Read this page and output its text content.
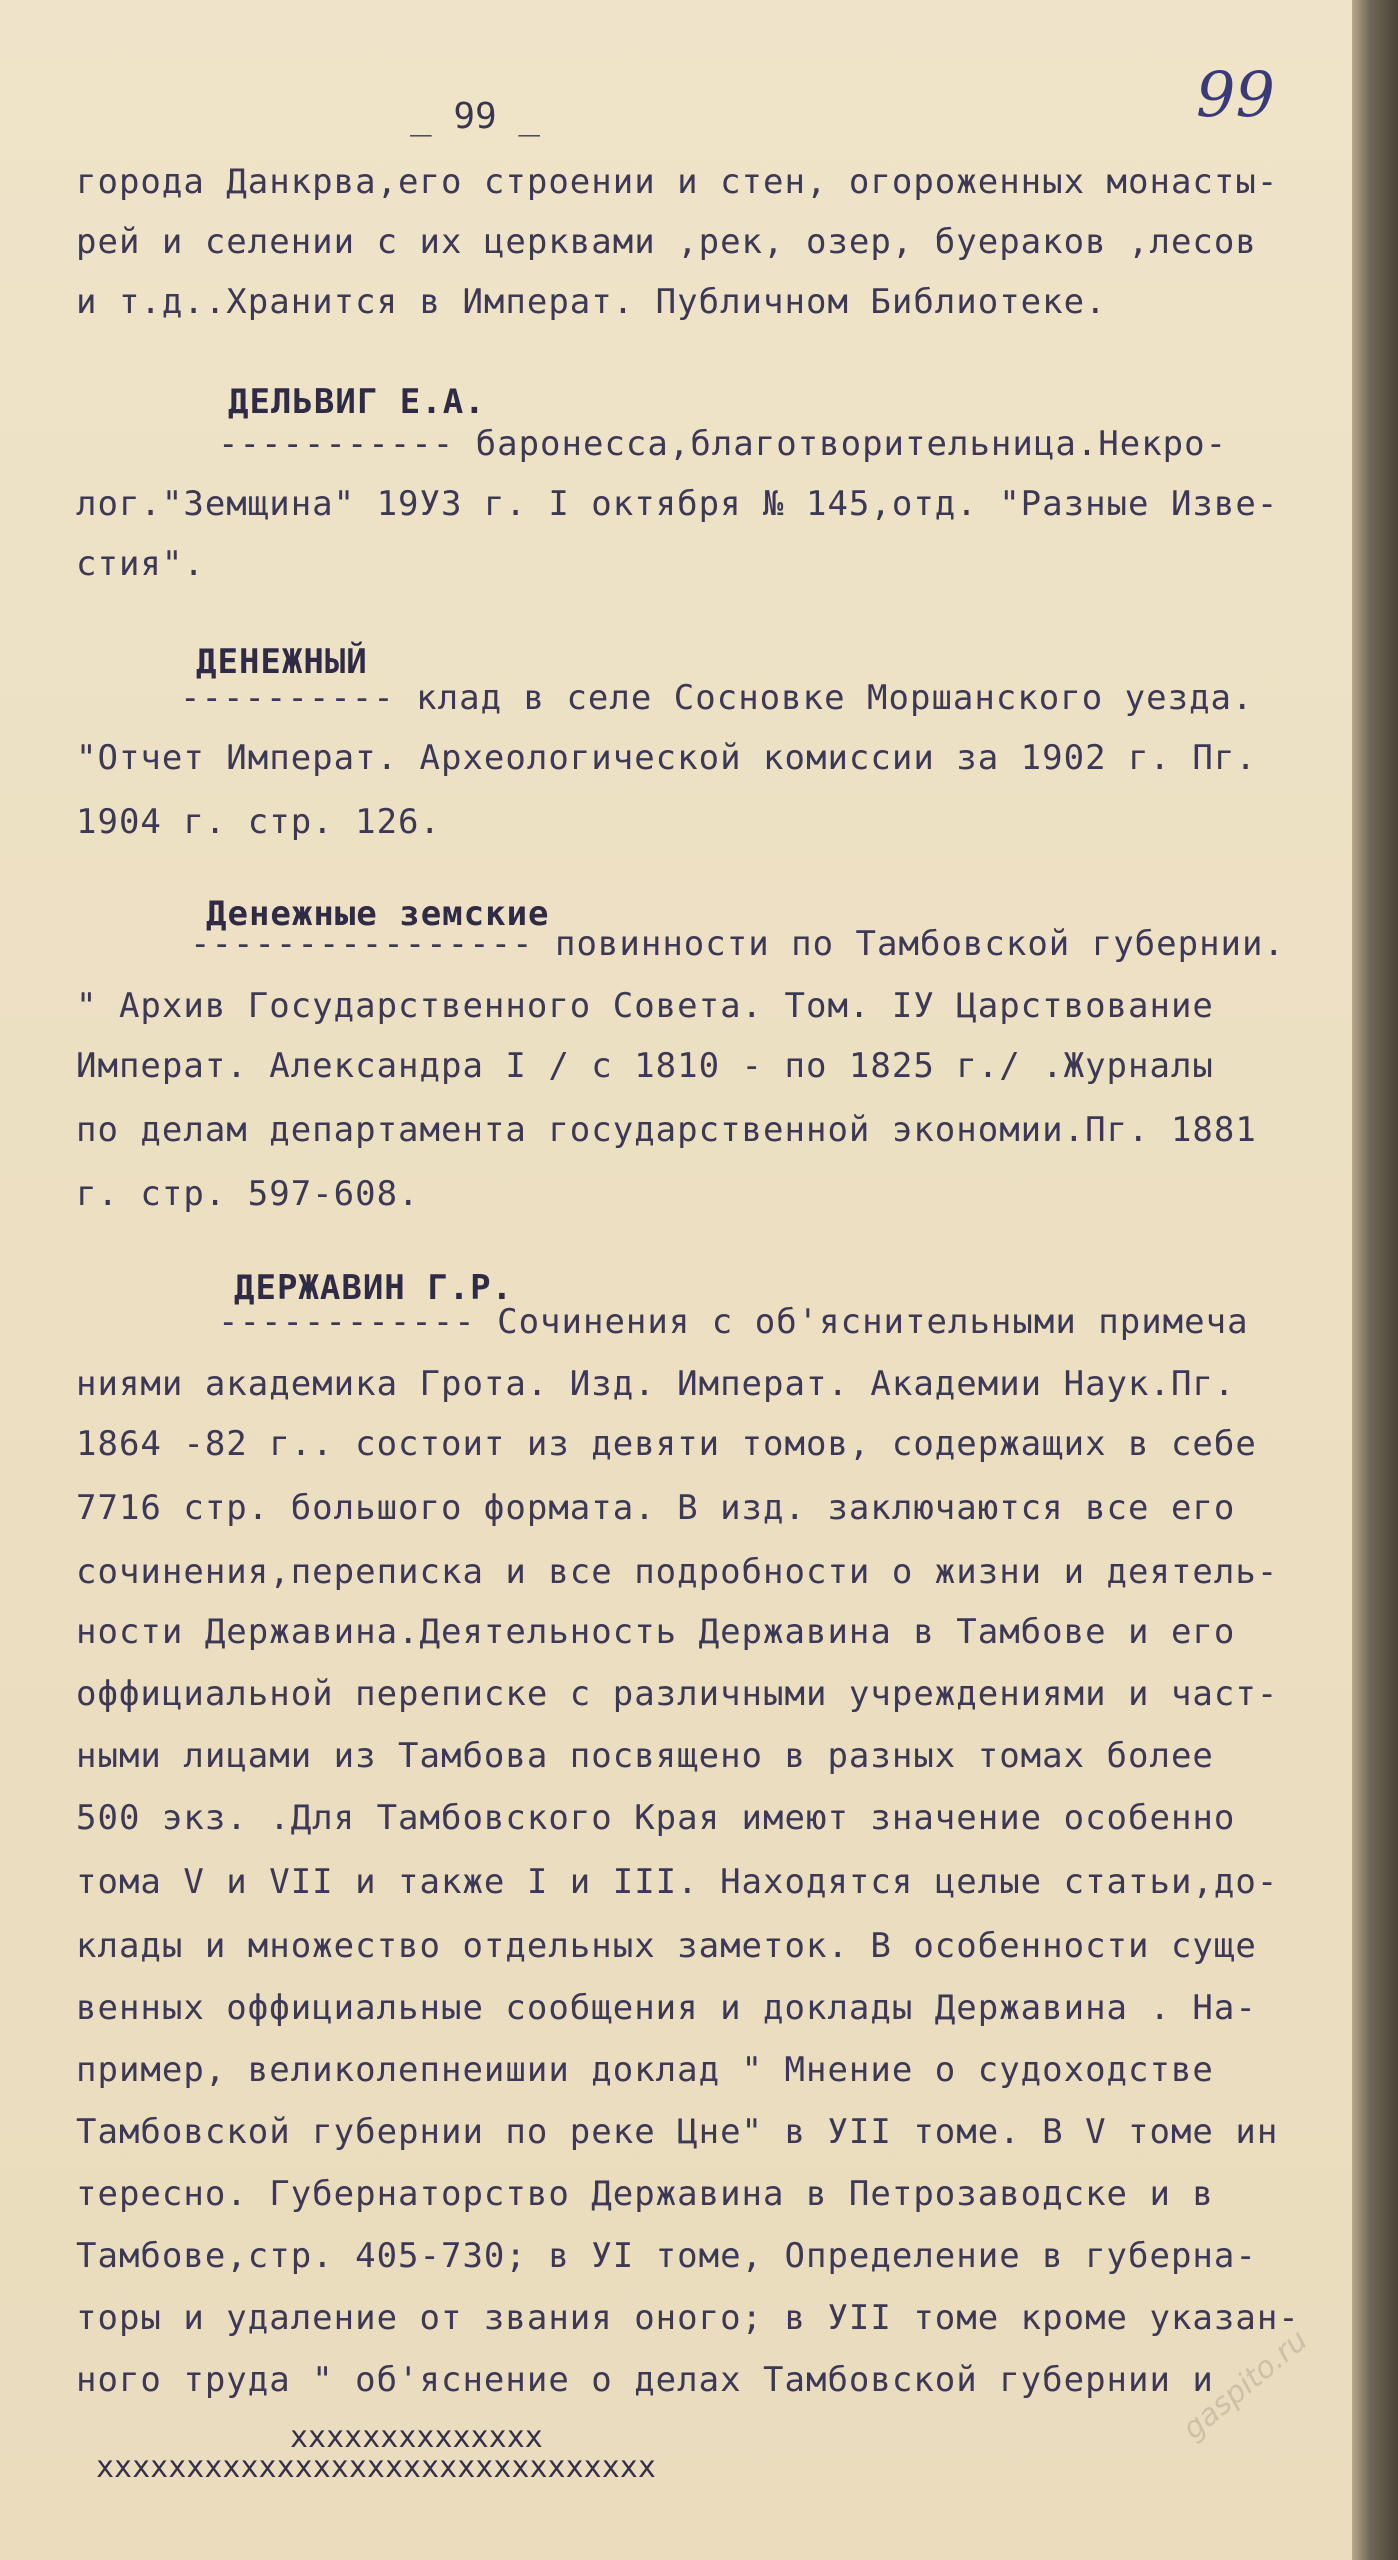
_ 99 _	99
города Данкрва,его строении и стен, огороженных монасты-
рей и селении с их церквами ,рек, озер, буераков ,лесов
и т.д..Хранится в Императ. Публичном Библиотеке.
ДЕЛЬВИГ Е.А.
----------- баронесса,благотворительница.Некро-
лог."Земщина" 19УЗ г. I октября № 145,отд. "Разные Изве-
стия".
ДЕНЕЖНЫЙ
---------- клад в селе Сосновке Моршанского уезда.
"Отчет Императ. Археологической комиссии за 1902 г. Пг.
1904 г. стр. 126.
Денежные земские
---------------- повинности по Тамбовской губернии.
" Архив Государственного Совета. Том. IУ Царствование
Императ. Александра I / с 1810 - по 1825 г./ .Журналы
по делам департамента государственной экономии.Пг. 1881
г. стр. 597-608.
ДЕРЖАВИН Г.Р.
------------ Сочинения с об'яснительными примеча
ниями академика Грота. Изд. Императ. Академии Наук.Пг.
1864 -82 г.. состоит из девяти томов, содержащих в себе
7716 стр. большого формата. В изд. заключаются все его
сочинения,переписка и все подробности о жизни и деятель-
ности Державина.Деятельность Державина в Тамбове и его
оффициальной переписке с различными учреждениями и част-
ными лицами из Тамбова посвящено в разных томах более
500 экз. .Для Тамбовского Края имеют значение особенно
тома V и VII и также I и III. Находятся целые статьи,до-
клады и множество отдельных заметок. В особенности суще
венных оффициальные сообщения и доклады Державина . На-
пример, великолепнеишии доклад " Мнение о судоходстве
Тамбовской губернии по реке Цне" в УII томе. В V томе ин
тересно. Губернаторство Державина в Петрозаводске и в
Тамбове,стр. 405-730; в УI томе, Определение в губерна-
торы и удаление от звания оного; в УII томе кроме указан-
ного труда " об'яснение о делах Тамбовской губернии и
хххххххххххххх
ххххххххххххххххххххххххххххххх
gaspito.ru
